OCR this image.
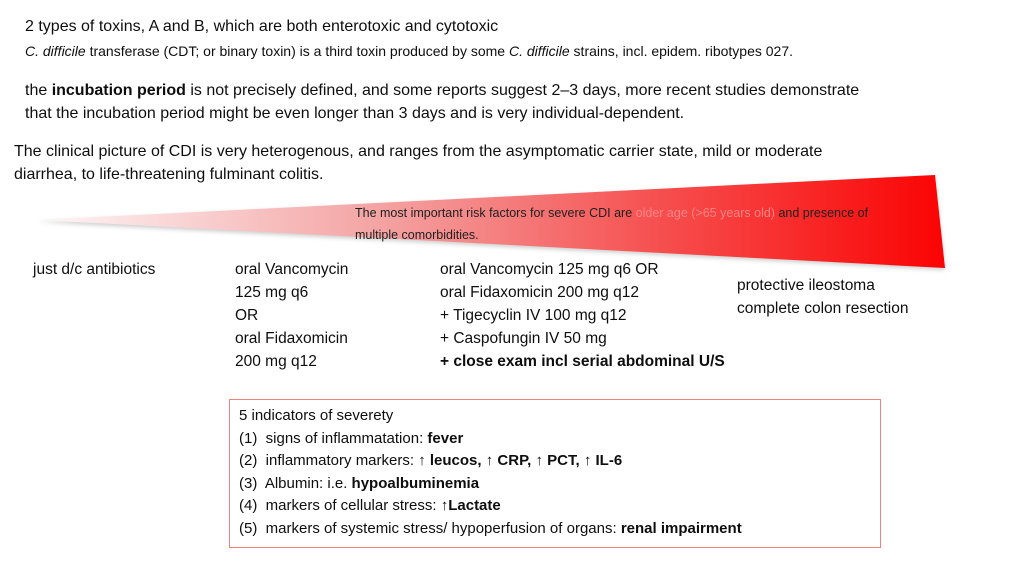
2 types of toxins, A and B, which are both enterotoxic and cytotoxic
C. difficile transferase (CDT; or binary toxin) is a third toxin produced by some C. difficile strains, incl. epidem. ribotypes 027.
the incubation period is not precisely defined, and some reports suggest 2–3 days, more recent studies demonstrate
that the incubation period might be even longer than 3 days and is very individual-dependent.
The clinical picture of CDI is very heterogenous, and ranges from the asymptomatic carrier state, mild or moderate
diarrhea, to life-threatening fulminant colitis.
The most important risk factors for severe CDI are older age (>65 years old) and presence of
multiple comorbidities.
just d/c antibiotics	oral Vancomycin
125 mg q6
OR
oral Fidaxomicin
200 mg q12
oral Vancomycin 125 mg q6 OR
oral Fidaxomicin 200 mg q12
+ Tigecyclin IV 100 mg q12
+ Caspofungin IV 50 mg
+ close exam incl serial abdominal U/S
protective ileostoma
complete colon resection
5 indicators of severety
(1)  signs of inflammatation: fever
(2)  inflammatory markers: ↑ leucos, ↑ CRP, ↑ PCT, ↑ IL-6
(3)  Albumin: i.e. hypoalbuminemia
(4)  markers of cellular stress: ↑Lactate
(5)  markers of systemic stress/ hypoperfusion of organs: renal impairment
